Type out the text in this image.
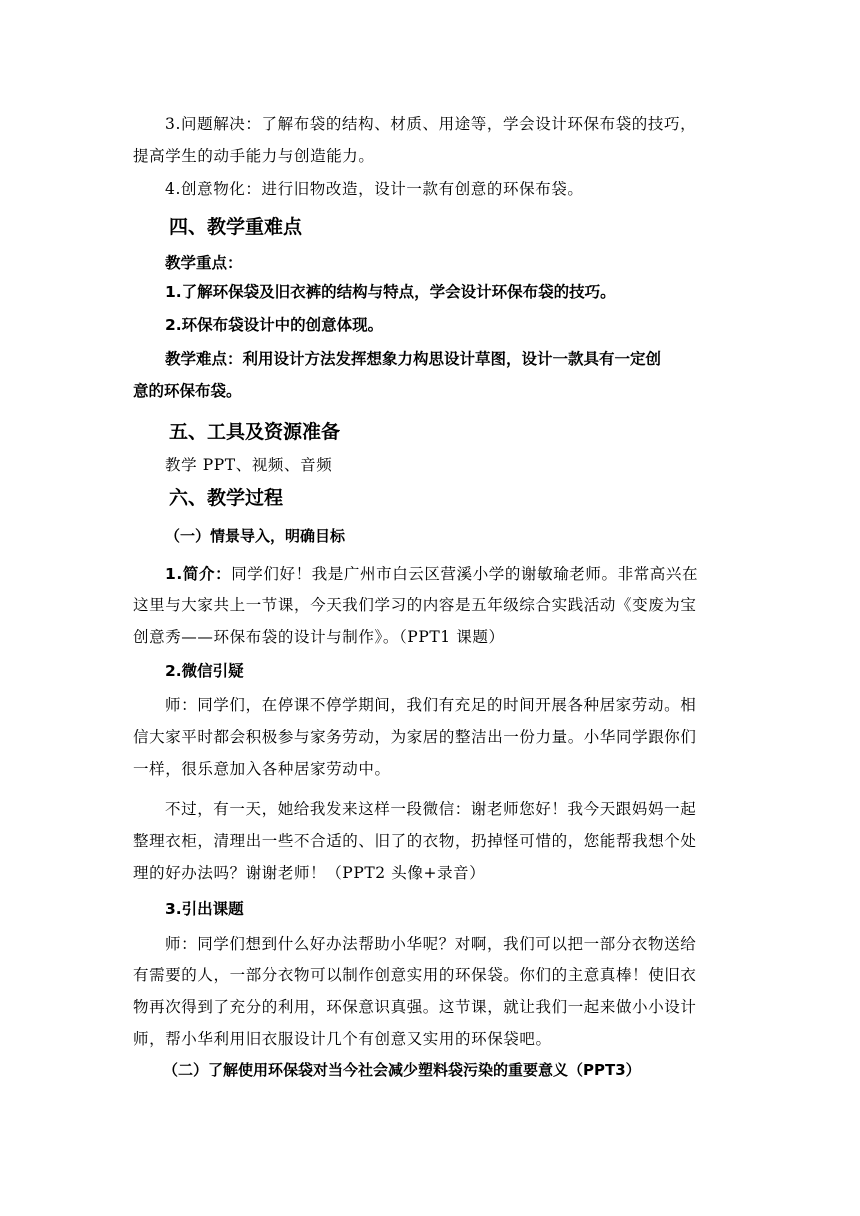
3.问题解决：了解布袋的结构、材质、用途等，学会设计环保布袋的技巧，
提高学生的动手能力与创造能力。
4.创意物化：进行旧物改造，设计一款有创意的环保布袋。
四、教学重难点
教学重点：
1.了解环保袋及旧衣裤的结构与特点，学会设计环保布袋的技巧。
2.环保布袋设计中的创意体现。
教学难点：利用设计方法发挥想象力构思设计草图，设计一款具有一定创
意的环保布袋。
五、工具及资源准备
教学 PPT、视频、音频
六、教学过程
（一）情景导入，明确目标
1.简介：同学们好！我是广州市白云区营溪小学的谢敏瑜老师。非常高兴在
这里与大家共上一节课，今天我们学习的内容是五年级综合实践活动《变废为宝
创意秀——环保布袋的设计与制作》。（PPT1 课题）
2.微信引疑
师：同学们，在停课不停学期间，我们有充足的时间开展各种居家劳动。相
信大家平时都会积极参与家务劳动，为家居的整洁出一份力量。小华同学跟你们
一样，很乐意加入各种居家劳动中。
不过，有一天，她给我发来这样一段微信：谢老师您好！我今天跟妈妈一起
整理衣柜，清理出一些不合适的、旧了的衣物，扔掉怪可惜的，您能帮我想个处
理的好办法吗？谢谢老师！（PPT2 头像+录音）
3.引出课题
师：同学们想到什么好办法帮助小华呢？对啊，我们可以把一部分衣物送给
有需要的人，一部分衣物可以制作创意实用的环保袋。你们的主意真棒！使旧衣
物再次得到了充分的利用，环保意识真强。这节课，就让我们一起来做小小设计
师，帮小华利用旧衣服设计几个有创意又实用的环保袋吧。
（二）了解使用环保袋对当今社会减少塑料袋污染的重要意义（PPT3）
